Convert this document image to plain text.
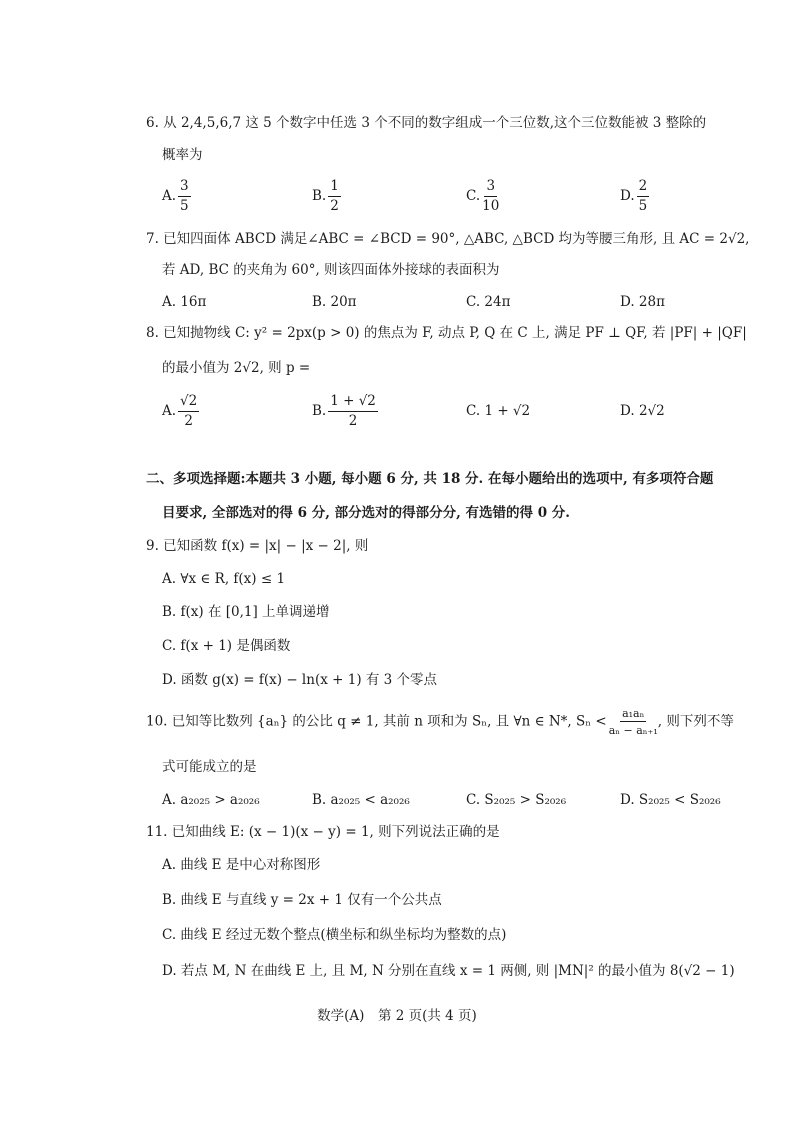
6. 从 2,4,5,6,7 这 5 个数字中任选 3 个不同的数字组成一个三位数,这个三位数能被 3 整除的
概率为
A. $\frac{3}{5}$	B. $\frac{1}{2}$	C. $\frac{3}{10}$	D. $\frac{2}{5}$
7. 已知四面体 ABCD 满足∠ABC = ∠BCD = 90°, △ABC, △BCD 均为等腰三角形, 且 AC = 2√2,
若 AD, BC 的夹角为 60°, 则该四面体外接球的表面积为
A. 16π	B. 20π	C. 24π	D. 28π
8. 已知抛物线 C: y² = 2px(p > 0) 的焦点为 F, 动点 P, Q 在 C 上, 满足 PF ⊥ QF, 若 |PF| + |QF|
的最小值为 2√2, 则 p =
A. $\frac{√2}{2}$	B. $\frac{1 + √2}{2}$	C. 1 + √2	D. 2√2
二、多项选择题:本题共 3 小题, 每小题 6 分, 共 18 分. 在每小题给出的选项中, 有多项符合题
目要求, 全部选对的得 6 分, 部分选对的得部分分, 有选错的得 0 分.
9. 已知函数 f(x) = |x| − |x − 2|, 则
A. ∀x ∈ R, f(x) ≤ 1
B. f(x) 在 [0,1] 上单调递增
C. f(x + 1) 是偶函数
D. 函数 g(x) = f(x) − ln(x + 1) 有 3 个零点
10. 已知等比数列 {aₙ} 的公比 q ≠ 1, 其前 n 项和为 Sₙ, 且 ∀n ∈ N*, $S_n < \frac{\text{a₁aₙ}}{\text{aₙ − aₙ₊₁}}$ , 则下列不等
式可能成立的是
A. a₂₀₂₅ > a₂₀₂₆	B. a₂₀₂₅ < a₂₀₂₆	C. S₂₀₂₅ > S₂₀₂₆	D. S₂₀₂₅ < S₂₀₂₆
11. 已知曲线 E: (x − 1)(x − y) = 1, 则下列说法正确的是
A. 曲线 E 是中心对称图形
B. 曲线 E 与直线 y = 2x + 1 仅有一个公共点
C. 曲线 E 经过无数个整点(横坐标和纵坐标均为整数的点)
D. 若点 M, N 在曲线 E 上, 且 M, N 分别在直线 x = 1 两侧, 则 |MN|² 的最小值为 8(√2 − 1)
数学(A)　第 2 页(共 4 页)
